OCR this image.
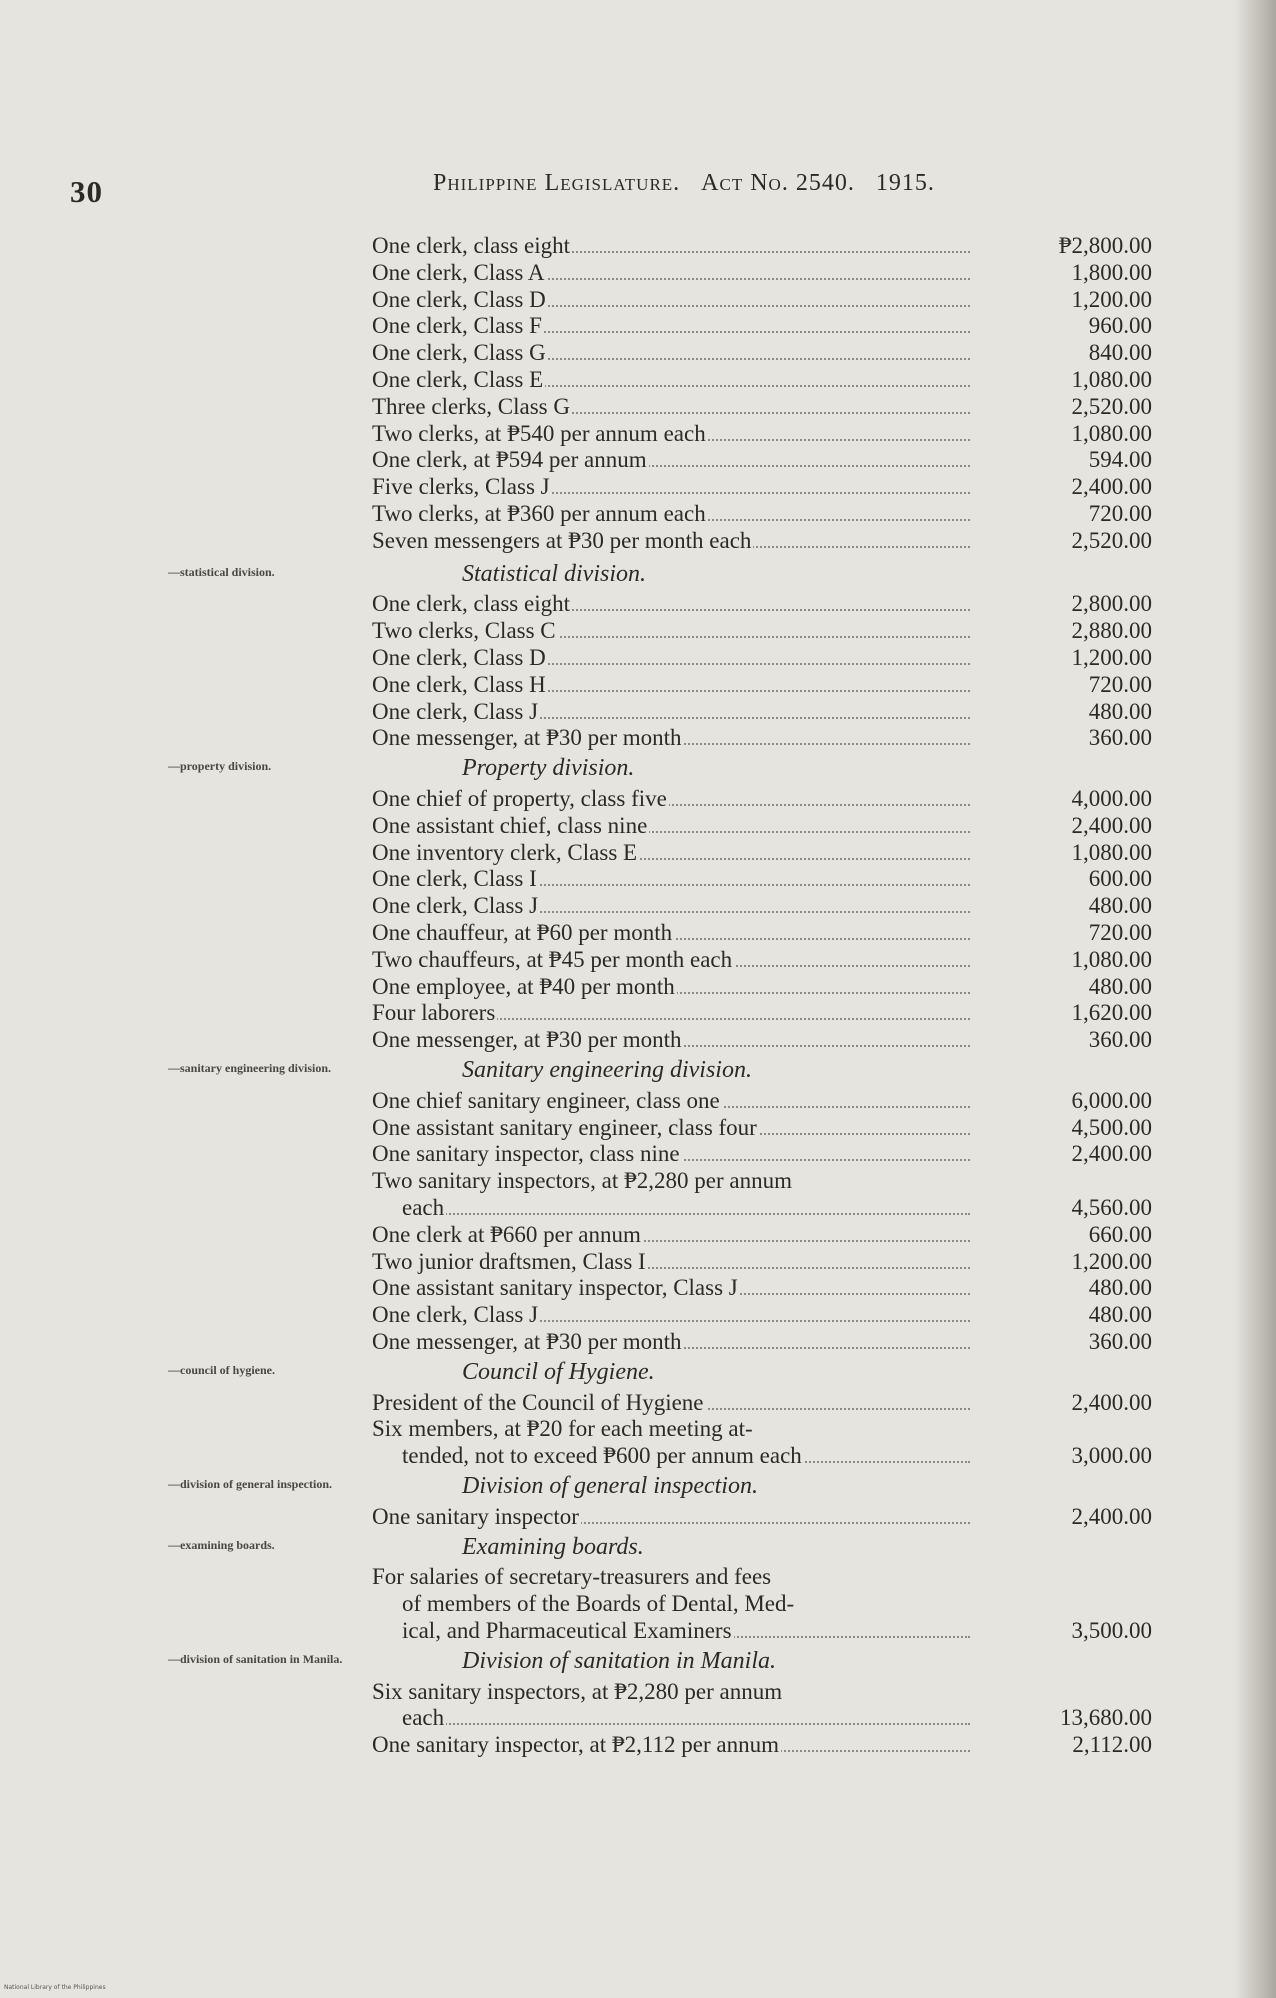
30	Philippine Legislature. Act No. 2540. 1915.
One clerk, class eight	₱2,800.00
One clerk, Class A	1,800.00
One clerk, Class D	1,200.00
One clerk, Class F	960.00
One clerk, Class G	840.00
One clerk, Class E	1,080.00
Three clerks, Class G	2,520.00
Two clerks, at ₱540 per annum each	1,080.00
One clerk, at ₱594 per annum	594.00
Five clerks, Class J	2,400.00
Two clerks, at ₱360 per annum each	720.00
Seven messengers at ₱30 per month each	2,520.00
—statistical division.	Statistical division.
One clerk, class eight	2,800.00
Two clerks, Class C	2,880.00
One clerk, Class D	1,200.00
One clerk, Class H	720.00
One clerk, Class J	480.00
One messenger, at ₱30 per month	360.00
—property division.	Property division.
One chief of property, class five	4,000.00
One assistant chief, class nine	2,400.00
One inventory clerk, Class E	1,080.00
One clerk, Class I	600.00
One clerk, Class J	480.00
One chauffeur, at ₱60 per month	720.00
Two chauffeurs, at ₱45 per month each	1,080.00
One employee, at ₱40 per month	480.00
Four laborers	1,620.00
One messenger, at ₱30 per month	360.00
—sanitary engineering division.	Sanitary engineering division.
One chief sanitary engineer, class one	6,000.00
One assistant sanitary engineer, class four	4,500.00
One sanitary inspector, class nine	2,400.00
Two sanitary inspectors, at ₱2,280 per annum
each	4,560.00
One clerk at ₱660 per annum	660.00
Two junior draftsmen, Class I	1,200.00
One assistant sanitary inspector, Class J	480.00
One clerk, Class J	480.00
One messenger, at ₱30 per month	360.00
—council of hygiene.	Council of Hygiene.
President of the Council of Hygiene	2,400.00
Six members, at ₱20 for each meeting at-
tended, not to exceed ₱600 per annum each	3,000.00
—division of general inspection.	Division of general inspection.
One sanitary inspector	2,400.00
—examining boards.	Examining boards.
For salaries of secretary-treasurers and fees
of members of the Boards of Dental, Med-
ical, and Pharmaceutical Examiners	3,500.00
—division of sanitation in Manila.	Division of sanitation in Manila.
Six sanitary inspectors, at ₱2,280 per annum
each	13,680.00
One sanitary inspector, at ₱2,112 per annum	2,112.00
National Library of the Philippines
